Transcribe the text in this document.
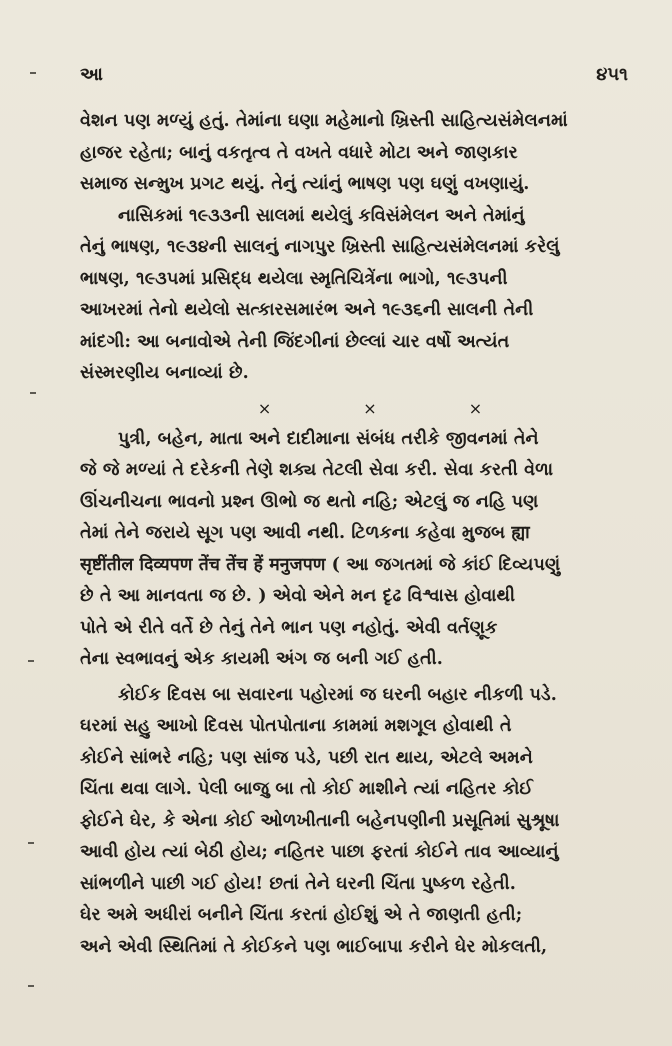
આ	૪૫૧
વેશન પણ મળ્યું હતું. તેમાંના ઘણા મહેમાનો ખ્રિસ્તી સાહિત્યસંમેલનમાં
હાજર રહેતા; બાનું વકતૃત્વ તે વખતે વધારે મોટા અને જાણકાર
સમાજ સન્મુખ પ્રગટ થયું. તેનું ત્યાંનું ભાષણ પણ ઘણું વખણાયું.
નાસિકમાં ૧૯૩૩ની સાલમાં થયેલું કવિસંમેલન અને તેમાંનું
તેનું ભાષણ, ૧૯૩૪ની સાલનું નાગપુર ખ્રિસ્તી સાહિત્યસંમેલનમાં કરેલું
ભાષણ, ૧૯૩૫માં પ્રસિદ્ધ થયેલા સ્મૃતિચિત્રેંના ભાગો, ૧૯૩૫ની
આખરમાં તેનો થયેલો સત્કારસમારંભ અને ૧૯૩૬ની સાલની તેની
માંદગી: આ બનાવોએ તેની જિંદગીનાં છેલ્લાં ચાર વર્ષો અત્યંત
સંસ્મરણીય બનાવ્યાં છે.
×	×	×
પુત્રી, બહેન, માતા અને દાદીમાના સંબંધ તરીકે જીવનમાં તેને
જે જે મળ્યાં તે દરેકની તેણે શક્ય તેટલી સેવા કરી. સેવા કરતી વેળા
ઊંચનીચના ભાવનો પ્રશ્ન ઊભો જ થતો નહિ; એટલું જ નહિ પણ
તેમાં તેને જરાયે સૂગ પણ આવી નથી. ટિળકના કહેવા મુજબ ह्या
सृष्टींतील दिव्यपण तेंच तेंच हें मनुजपण ( આ જગતમાં જે કાંઈ દિવ્યપણું
છે તે આ માનવતા જ છે. ) એવો એને મન દૃઢ વિશ્વાસ હોવાથી
પોતે એ રીતે વર્તે છે તેનું તેને ભાન પણ નહોતું. એવી વર્તણૂક
તેના સ્વભાવનું એક કાયમી અંગ જ બની ગઈ હતી.
કોઈક દિવસ બા સવારના પહોરમાં જ ઘરની બહાર નીકળી પડે.
ઘરમાં સહુ આખો દિવસ પોતપોતાના કામમાં મશગૂલ હોવાથી તે
કોઈને સાંભરે નહિ; પણ સાંજ પડે, પછી રાત થાય, એટલે અમને
ચિંતા થવા લાગે. પેલી બાજુ બા તો કોઈ માશીને ત્યાં નહિતર કોઈ
ફોઈને ઘેર, કે એના કોઈ ઓળખીતાની બહેનપણીની પ્રસૂતિમાં સુશ્રૂષા
આવી હોય ત્યાં બેઠી હોય; નહિતર પાછા ફરતાં કોઈને તાવ આવ્યાનું
સાંભળીને પાછી ગઈ હોય! છતાં તેને ઘરની ચિંતા પુષ્કળ રહેતી.
ઘેર અમે અધીરાં બનીને ચિંતા કરતાં હોઈશું એ તે જાણતી હતી;
અને એવી સ્થિતિમાં તે કોઈકને પણ ભાઈબાપા કરીને ઘેર મોકલતી,
